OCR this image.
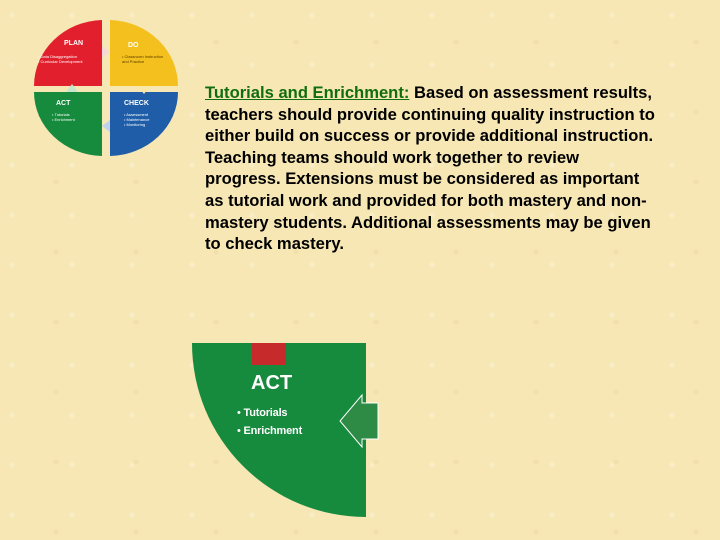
PLAN
• Data Disaggregation
• Curricular Development
DO
• Classroom Instruction and Practice
ACT
• Tutorials
• Enrichment
CHECK
• Assessment
• Maintenance
• Monitoring
Tutorials and Enrichment: Based on assessment results, teachers should provide continuing quality instruction to either build on success or provide additional instruction. Teaching teams should work together to review progress. Extensions must be considered as important as tutorial work and provided for both mastery and non-mastery students. Additional assessments may be given to check mastery.
ACT
• Tutorials
• Enrichment
